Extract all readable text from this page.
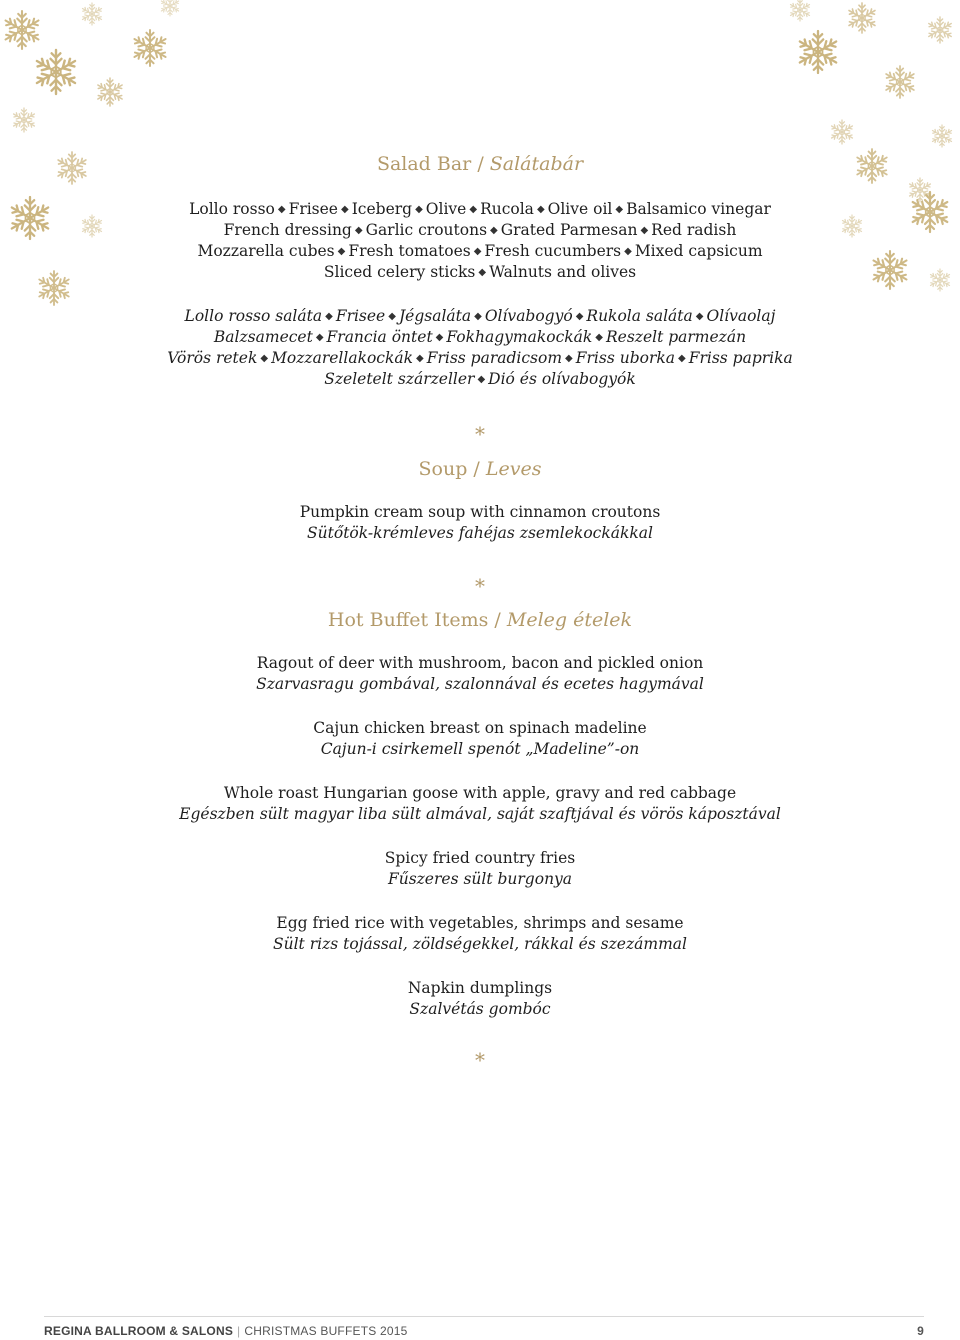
Salad Bar / Salátabár
Lollo rosso ◆ Frisee ◆ Iceberg ◆ Olive ◆ Rucola ◆ Olive oil ◆ Balsamico vinegar
French dressing ◆ Garlic croutons ◆ Grated Parmesan ◆ Red radish
Mozzarella cubes ◆ Fresh tomatoes ◆ Fresh cucumbers ◆ Mixed capsicum
Sliced celery sticks ◆ Walnuts and olives
Lollo rosso saláta ◆ Frisee ◆ Jégsaláta ◆ Olívabogyó ◆ Rukola saláta ◆ Olívaolaj
Balzsamecet ◆ Francia öntet ◆ Fokhagymakockák ◆ Reszelt parmezán
Vörös retek ◆ Mozzarellakockák ◆ Friss paradicsom ◆ Friss uborka ◆ Friss paprika
Szeletelt szárzeller ◆ Dió és olívabogyók
*
Soup / Leves
Pumpkin cream soup with cinnamon croutons
Sütőtök-krémleves fahéjas zsemlekockákkal
*
Hot Buffet Items / Meleg ételek
Ragout of deer with mushroom, bacon and pickled onion
Szarvasragu gombával, szalonnával és ecetes hagymával
Cajun chicken breast on spinach madeline
Cajun-i csirkemell spenót „Madeline”-on
Whole roast Hungarian goose with apple, gravy and red cabbage
Egészben sült magyar liba sült almával, saját szaftjával és vörös káposztával
Spicy fried country fries
Fűszeres sült burgonya
Egg fried rice with vegetables, shrimps and sesame
Sült rizs tojással, zöldségekkel, rákkal és szezámmal
Napkin dumplings
Szalvétás gombóc
*
REGINA BALLROOM & SALONS | CHRISTMAS BUFFETS 2015	9
